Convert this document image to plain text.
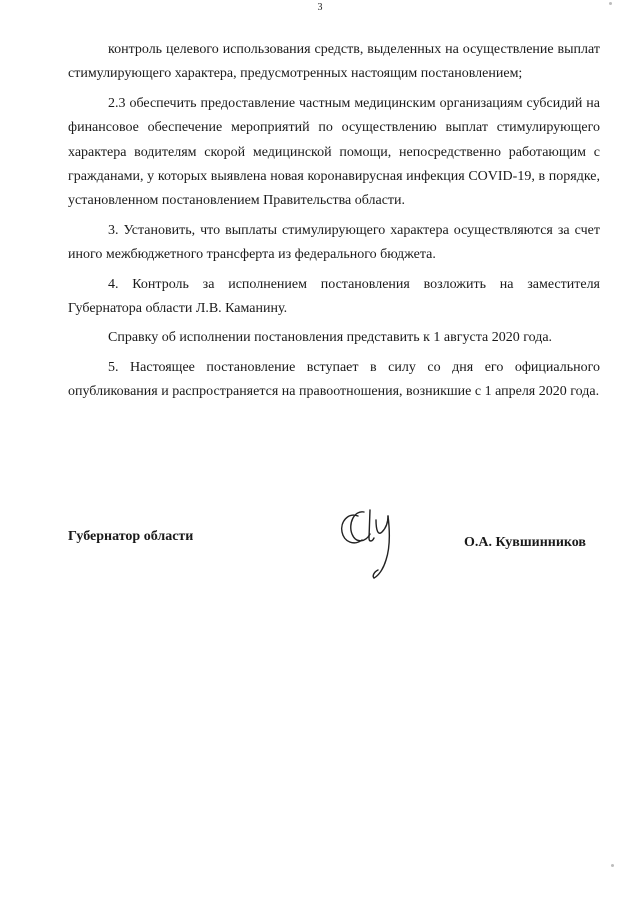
3

контроль целевого использования средств, выделенных на осуществление выплат стимулирующего характера, предусмотренных настоящим постановлением;

2.3 обеспечить предоставление частным медицинским организациям субсидий на финансовое обеспечение мероприятий по осуществлению выплат стимулирующего характера водителям скорой медицинской помощи, непосредственно работающим с гражданами, у которых выявлена новая коронавирусная инфекция COVID-19, в порядке, установленном постановлением Правительства области.

3. Установить, что выплаты стимулирующего характера осуществляются за счет иного межбюджетного трансферта из федерального бюджета.

4. Контроль за исполнением постановления возложить на заместителя Губернатора области Л.В. Каманину.

Справку об исполнении постановления представить к 1 августа 2020 года.

5. Настоящее постановление вступает в силу со дня его официального опубликования и распространяется на правоотношения, возникшие с 1 апреля 2020 года.

Губернатор области	О.А. Кувшинников
